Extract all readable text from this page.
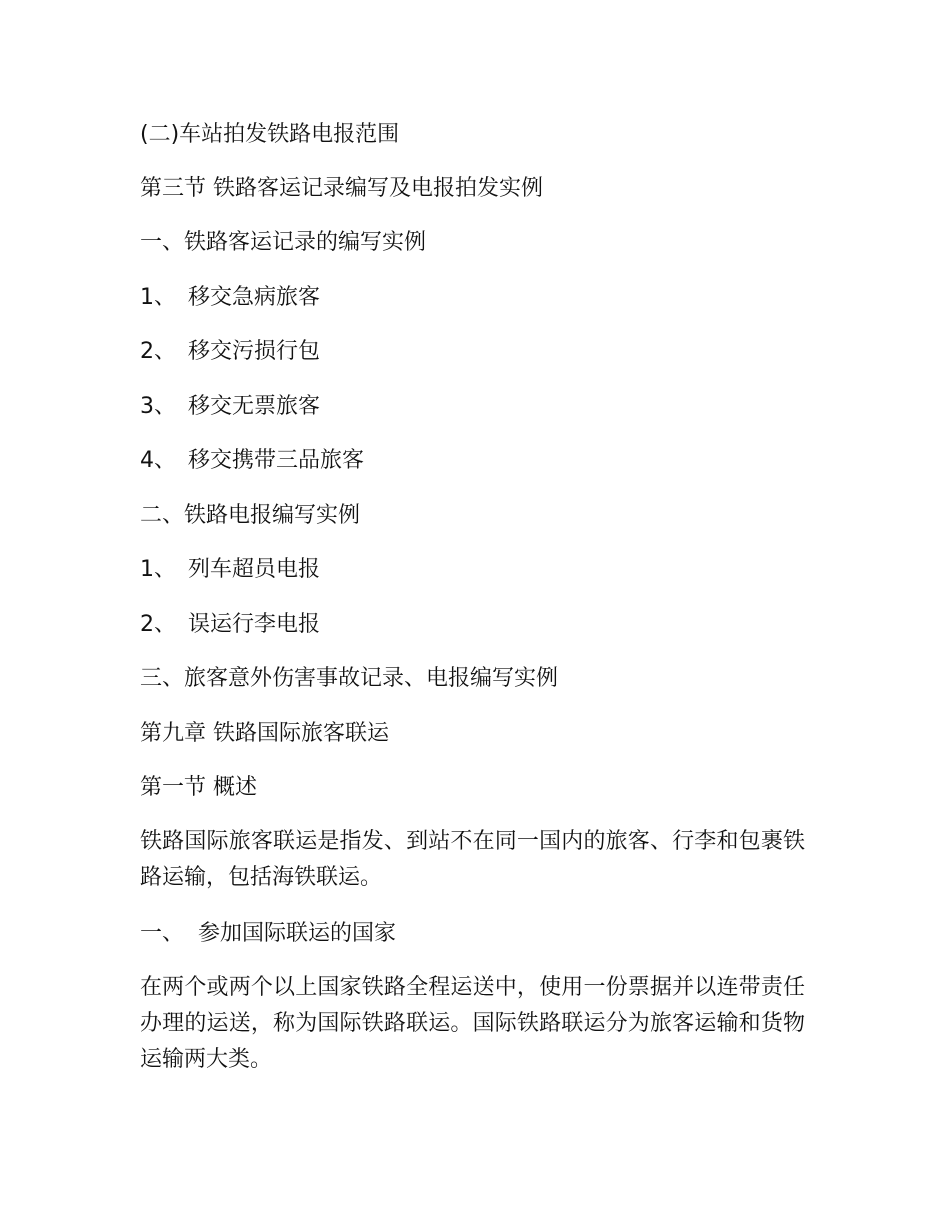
(二)车站拍发铁路电报范围

第三节 铁路客运记录编写及电报拍发实例

一、铁路客运记录的编写实例

1、 移交急病旅客

2、 移交污损行包

3、 移交无票旅客

4、 移交携带三品旅客

二、铁路电报编写实例

1、 列车超员电报

2、 误运行李电报

三、旅客意外伤害事故记录、电报编写实例

第九章 铁路国际旅客联运

第一节 概述

铁路国际旅客联运是指发、到站不在同一国内的旅客、行李和包裹铁路运输，包括海铁联运。

一、 参加国际联运的国家

在两个或两个以上国家铁路全程运送中，使用一份票据并以连带责任办理的运送，称为国际铁路联运。国际铁路联运分为旅客运输和货物运输两大类。
